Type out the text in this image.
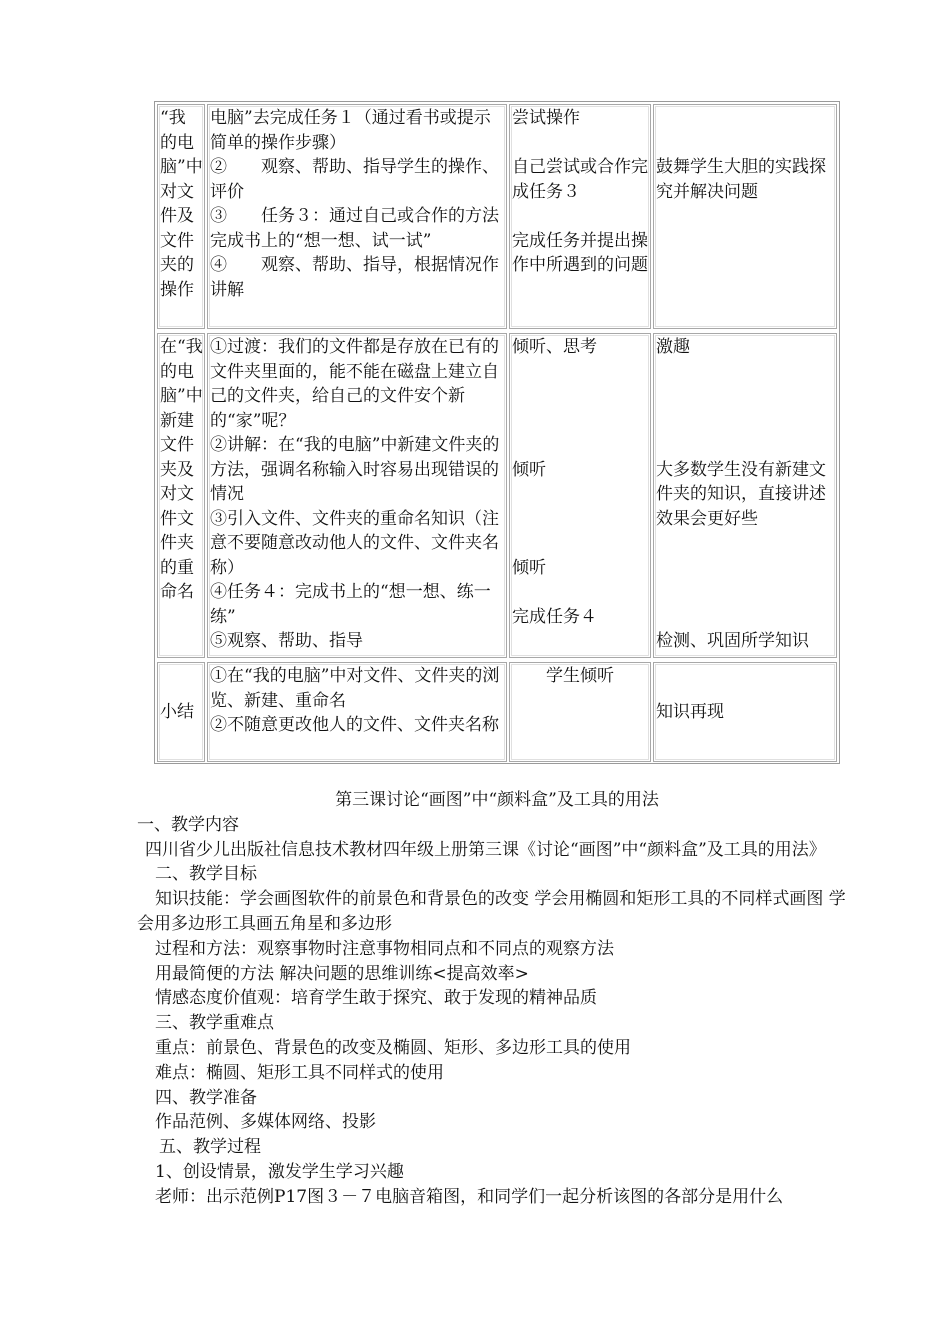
“我的电脑”中对文件及文件夹的操作
电脑”去完成任务１（通过看书或提示简单的操作步骤）
②　　观察、帮助、指导学生的操作、评价
③　　任务３：通过自己或合作的方法完成书上的“想一想、试一试”
④　　观察、帮助、指导，根据情况作讲解
尝试操作

自己尝试或合作完成任务３

完成任务并提出操作中所遇到的问题

鼓舞学生大胆的实践探究并解决问题
在“我的电脑”中新建文件夹及对文件文件夹的重命名
①过渡：我们的文件都是存放在已有的文件夹里面的，能不能在磁盘上建立自己的文件夹，给自己的文件安个新的“家”呢？
②讲解：在“我的电脑”中新建文件夹的方法，强调名称输入时容易出现错误的情况
③引入文件、文件夹的重命名知识（注意不要随意改动他人的文件、文件夹名称）
④任务４：完成书上的“想一想、练一练”
⑤观察、帮助、指导
倾听、思考

倾听

倾听

完成任务４
激趣

大多数学生没有新建文件夹的知识，直接讲述效果会更好些

检测、巩固所学知识
小结
①在“我的电脑”中对文件、文件夹的浏览、新建、重命名
②不随意更改他人的文件、文件夹名称
学生倾听
知识再现

第三课讨论“画图”中“颜料盒”及工具的用法

一、教学内容

四川省少儿出版社信息技术教材四年级上册第三课《讨论“画图”中“颜料盒”及工具的用法》

二、教学目标

知识技能：学会画图软件的前景色和背景色的改变 学会用椭圆和矩形工具的不同样式画图 学会用多边形工具画五角星和多边形

过程和方法：观察事物时注意事物相同点和不同点的观察方法

用最简便的方法 解决问题的思维训练<提高效率>

情感态度价值观：培育学生敢于探究、敢于发现的精神品质

三、教学重难点

重点：前景色、背景色的改变及椭圆、矩形、多边形工具的使用

难点：椭圆、矩形工具不同样式的使用

四、教学准备

作品范例、多媒体网络、投影

五、教学过程

1、创设情景，激发学生学习兴趣

老师：出示范例P17图３－７电脑音箱图，和同学们一起分析该图的各部分是用什么
